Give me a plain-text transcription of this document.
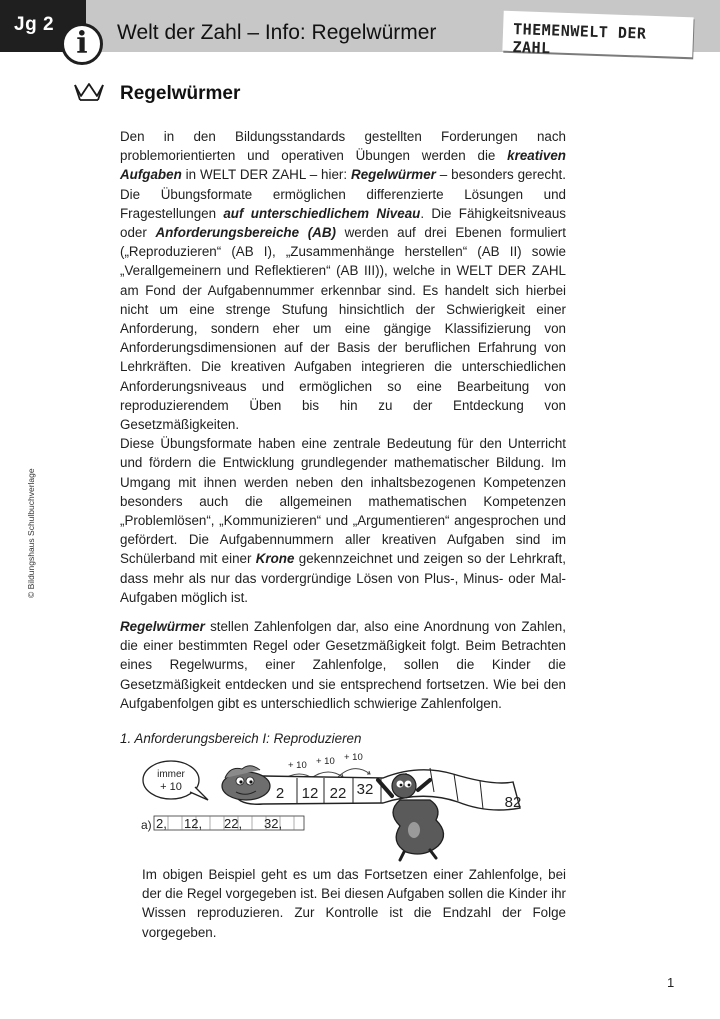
Jg 2
i	Welt der Zahl – Info: Regelwürmer	THEMENWELT DER ZAHL
Regelwürmer
© Bildungshaus Schulbuchverlage
Den in den Bildungsstandards gestellten Forderungen nach problemorientierten und operativen Übungen werden die kreativen Aufgaben in WELT DER ZAHL – hier: Regelwürmer – besonders gerecht. Die Übungsformate ermöglichen differenzierte Lösungen und Fragestellungen auf unterschiedlichem Niveau. Die Fähigkeitsniveaus oder Anforderungsbereiche (AB) werden auf drei Ebenen formuliert („Reproduzieren“ (AB I), „Zusammenhänge herstellen“ (AB II) sowie „Verallgemeinern und Reflektieren“ (AB III)), welche in WELT DER ZAHL am Fond der Aufgabennummer erkennbar sind. Es handelt sich hierbei nicht um eine strenge Stufung hinsichtlich der Schwierigkeit einer Anforderung, sondern eher um eine gängige Klassifizierung von Anforderungsdimensionen auf der Basis der beruflichen Erfahrung von Lehrkräften. Die kreativen Aufgaben integrieren die unterschiedlichen Anforderungsniveaus und ermöglichen so eine Bearbeitung von reproduzierendem Üben bis hin zu der Entdeckung von Gesetzmäßigkeiten.
Diese Übungsformate haben eine zentrale Bedeutung für den Unterricht und fördern die Entwicklung grundlegender mathematischer Bildung. Im Umgang mit ihnen werden neben den inhaltsbezogenen Kompetenzen besonders auch die allgemeinen mathematischen Kompetenzen „Problemlösen“, „Kommunizieren“ und „Argumentieren“ angesprochen und gefördert. Die Aufgabennummern aller kreativen Aufgaben sind im Schülerband mit einer Krone gekennzeichnet und zeigen so der Lehrkraft, dass mehr als nur das vordergründige Lösen von Plus-, Minus- oder Mal-Aufgaben möglich ist.
Regelwürmer stellen Zahlenfolgen dar, also eine Anordnung von Zahlen, die einer bestimmten Regel oder Gesetzmäßigkeit folgt. Beim Betrachten eines Regelwurms, einer Zahlenfolge, sollen die Kinder die Gesetzmäßigkeit entdecken und sie entsprechend fortsetzen. Wie bei den Aufgabenfolgen gibt es unterschiedlich schwierige Zahlenfolgen.
1. Anforderungsbereich I: Reproduzieren
immer
+ 10
+ 10 + 10 + 10
2 12 22 32
82
a) 2, 12, 22, 32,
Im obigen Beispiel geht es um das Fortsetzen einer Zahlenfolge, bei der die Regel vorgegeben ist. Bei diesen Aufgaben sollen die Kinder ihr Wissen reproduzieren. Zur Kontrolle ist die Endzahl der Folge vorgegeben.
1
